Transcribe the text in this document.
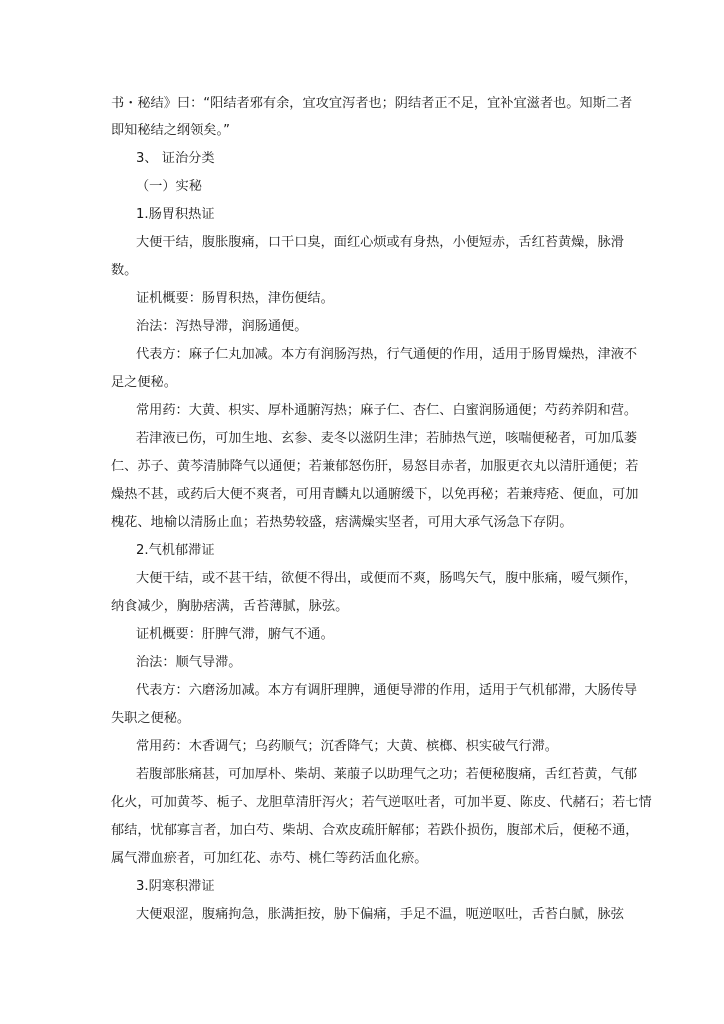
书・秘结》曰：“阳结者邪有余，宜攻宜泻者也；阴结者正不足，宜补宜滋者也。知斯二者
即知秘结之纲领矣。”
3、 证治分类
（一）实秘
1.肠胃积热证
大便干结，腹胀腹痛，口干口臭，面红心烦或有身热，小便短赤，舌红苔黄燥，脉滑
数。
证机概要：肠胃积热，津伤便结。
治法：泻热导滞，润肠通便。
代表方：麻子仁丸加减。本方有润肠泻热，行气通便的作用，适用于肠胃燥热，津液不
足之便秘。
常用药：大黄、枳实、厚朴通腑泻热；麻子仁、杏仁、白蜜润肠通便；芍药养阴和营。
若津液已伤，可加生地、玄参、麦冬以滋阴生津；若肺热气逆，咳喘便秘者，可加瓜蒌
仁、苏子、黄芩清肺降气以通便；若兼郁怒伤肝，易怒目赤者，加服更衣丸以清肝通便；若
燥热不甚，或药后大便不爽者，可用青麟丸以通腑缓下，以免再秘；若兼痔疮、便血，可加
槐花、地榆以清肠止血；若热势较盛，痞满燥实坚者，可用大承气汤急下存阴。
2.气机郁滞证
大便干结，或不甚干结，欲便不得出，或便而不爽，肠鸣矢气，腹中胀痛，嗳气频作，
纳食减少，胸胁痞满，舌苔薄腻，脉弦。
证机概要：肝脾气滞，腑气不通。
治法：顺气导滞。
代表方：六磨汤加减。本方有调肝理脾，通便导滞的作用，适用于气机郁滞，大肠传导
失职之便秘。
常用药：木香调气；乌药顺气；沉香降气；大黄、槟榔、枳实破气行滞。
若腹部胀痛甚，可加厚朴、柴胡、莱菔子以助理气之功；若便秘腹痛，舌红苔黄，气郁
化火，可加黄芩、栀子、龙胆草清肝泻火；若气逆呕吐者，可加半夏、陈皮、代赭石；若七情
郁结，忧郁寡言者，加白芍、柴胡、合欢皮疏肝解郁；若跌仆损伤，腹部术后，便秘不通，
属气滞血瘀者，可加红花、赤芍、桃仁等药活血化瘀。
3.阴寒积滞证
大便艰涩，腹痛拘急，胀满拒按，胁下偏痛，手足不温，呃逆呕吐，舌苔白腻，脉弦
